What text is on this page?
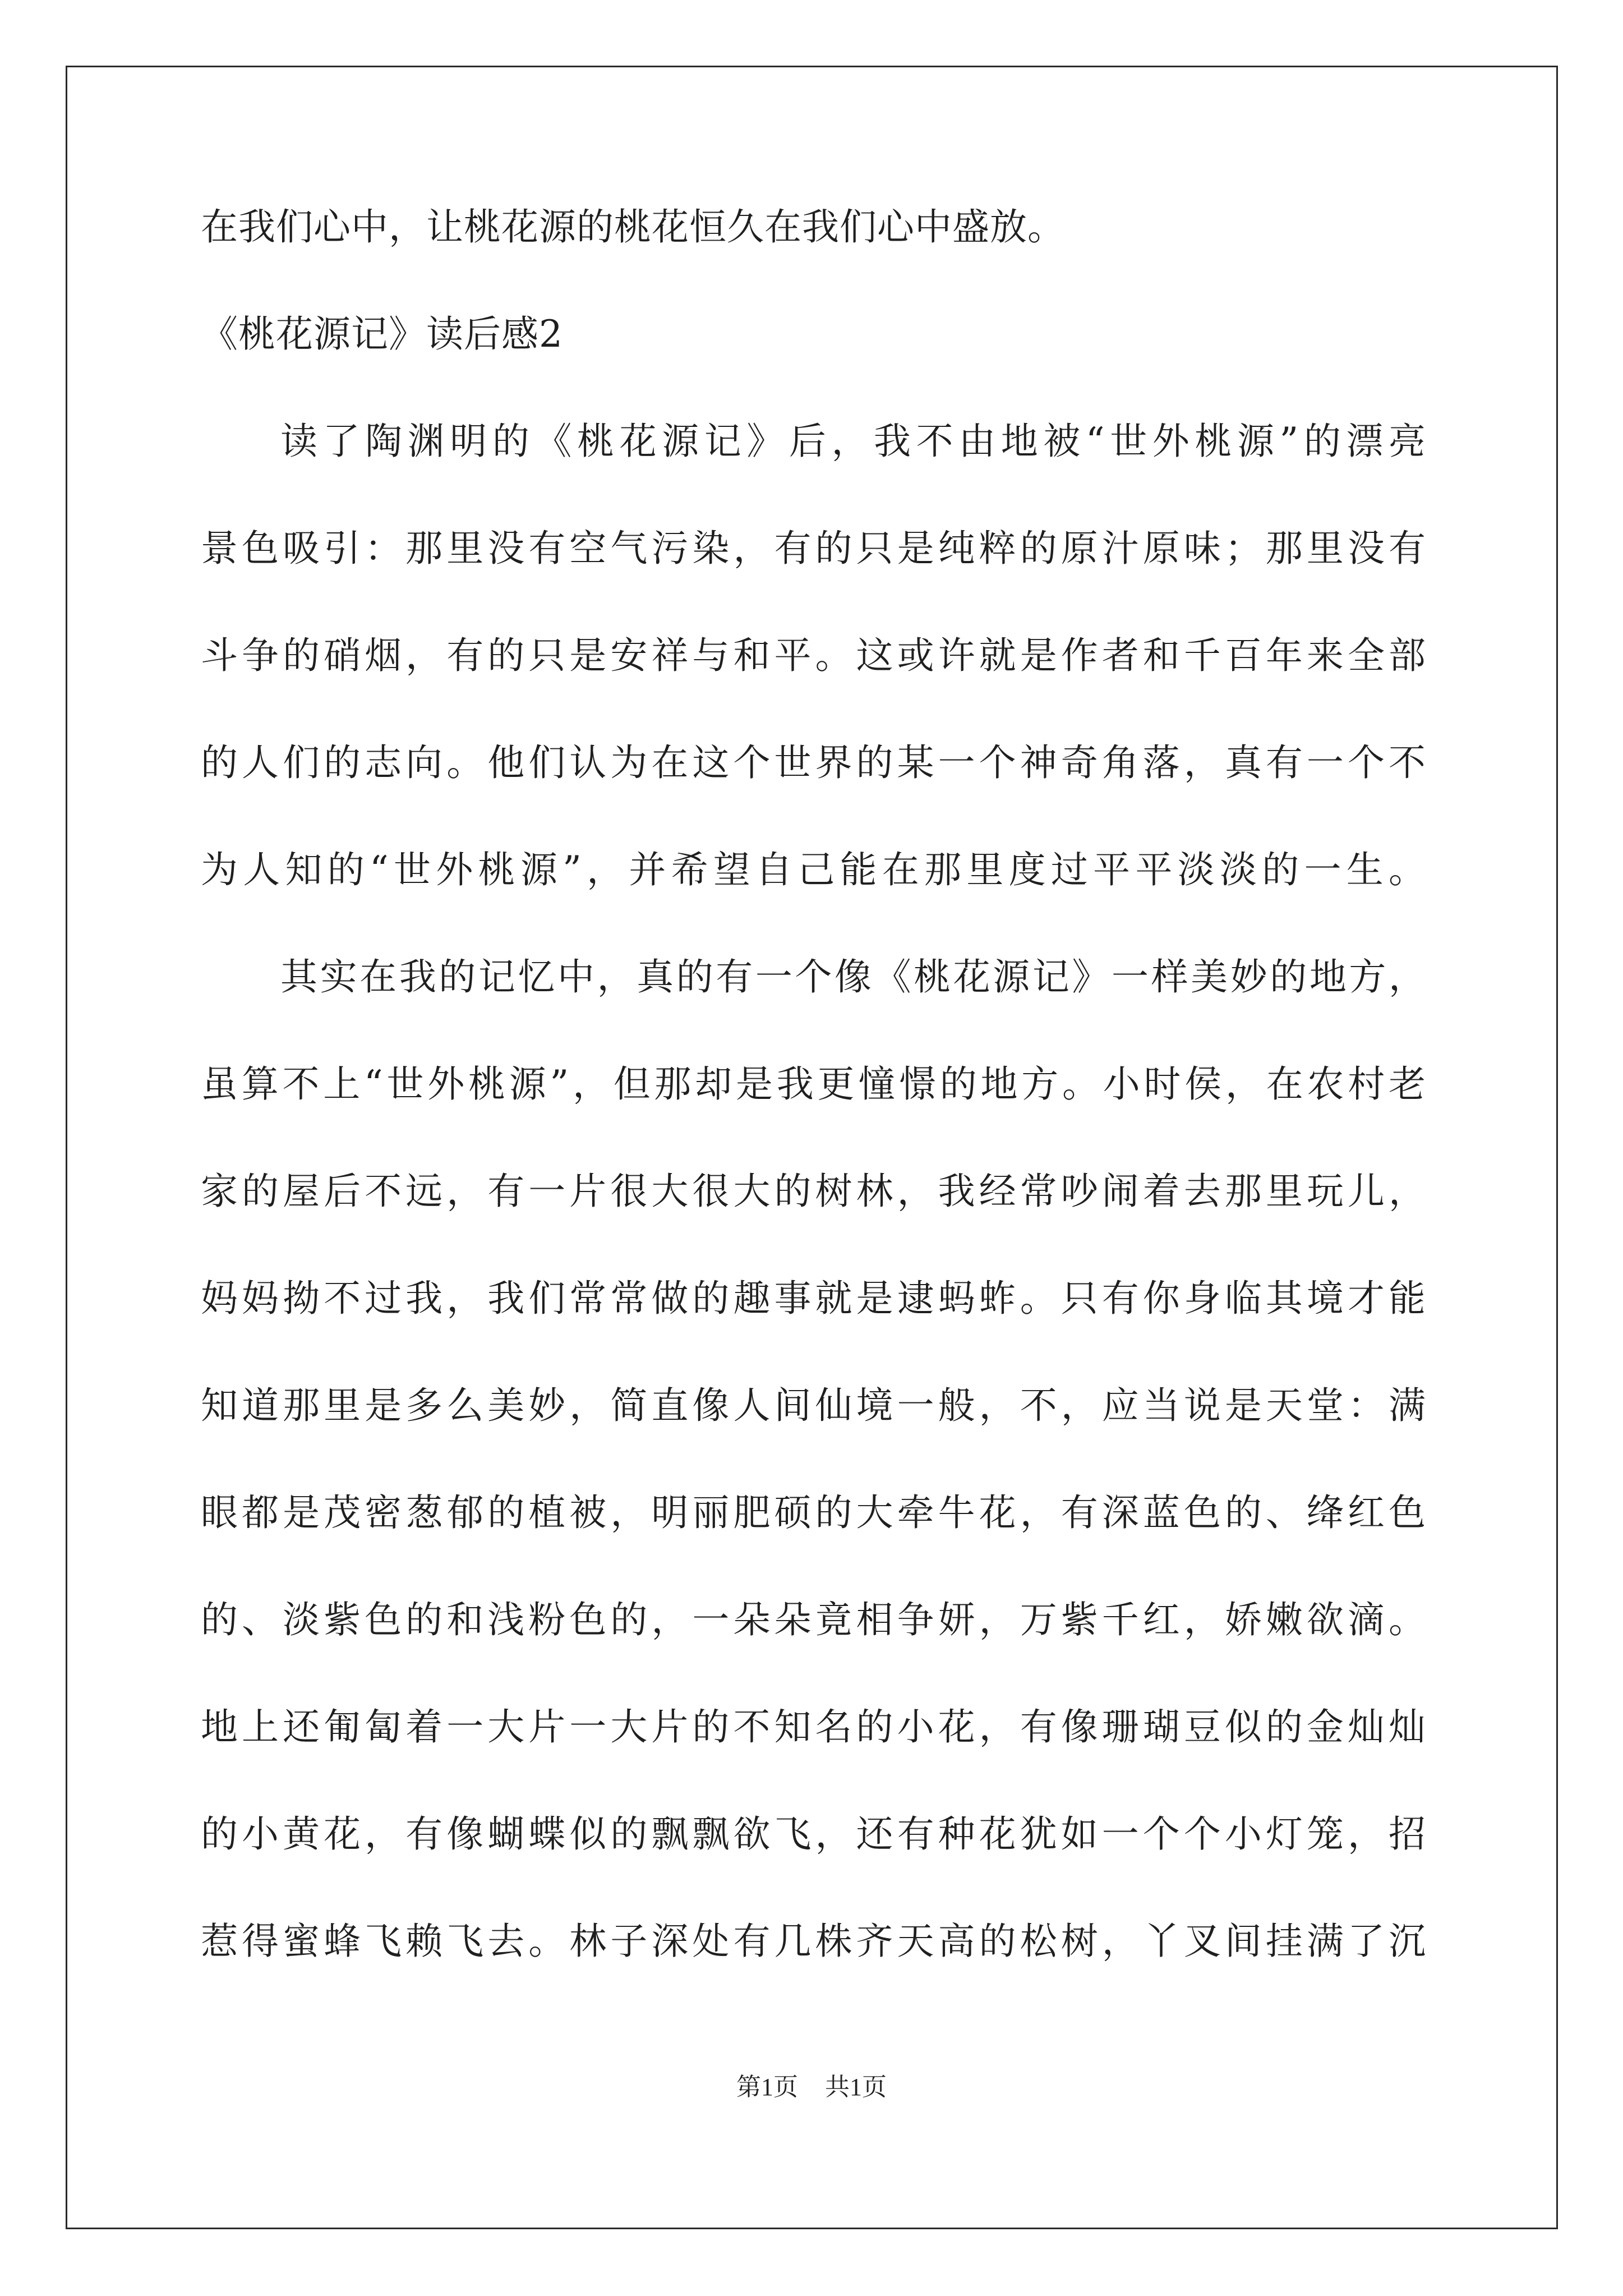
在我们心中，让桃花源的桃花恒久在我们心中盛放。
《桃花源记》读后感2
读了陶渊明的《桃花源记》后，我不由地被“世外桃源”的漂亮
景色吸引：那里没有空气污染，有的只是纯粹的原汁原味；那里没有
斗争的硝烟，有的只是安祥与和平。这或许就是作者和千百年来全部
的人们的志向。他们认为在这个世界的某一个神奇角落，真有一个不
为人知的“世外桃源”，并希望自己能在那里度过平平淡淡的一生。
其实在我的记忆中，真的有一个像《桃花源记》一样美妙的地方，
虽算不上“世外桃源”，但那却是我更憧憬的地方。小时侯，在农村老
家的屋后不远，有一片很大很大的树林，我经常吵闹着去那里玩儿，
妈妈拗不过我，我们常常做的趣事就是逮蚂蚱。只有你身临其境才能
知道那里是多么美妙，简直像人间仙境一般，不，应当说是天堂：满
眼都是茂密葱郁的植被，明丽肥硕的大牵牛花，有深蓝色的、绛红色
的、淡紫色的和浅粉色的，一朵朵竟相争妍，万紫千红，娇嫩欲滴。
地上还匍匐着一大片一大片的不知名的小花，有像珊瑚豆似的金灿灿
的小黄花，有像蝴蝶似的飘飘欲飞，还有种花犹如一个个小灯笼，招
惹得蜜蜂飞赖飞去。林子深处有几株齐天高的松树，丫叉间挂满了沉
第1页 共1页
